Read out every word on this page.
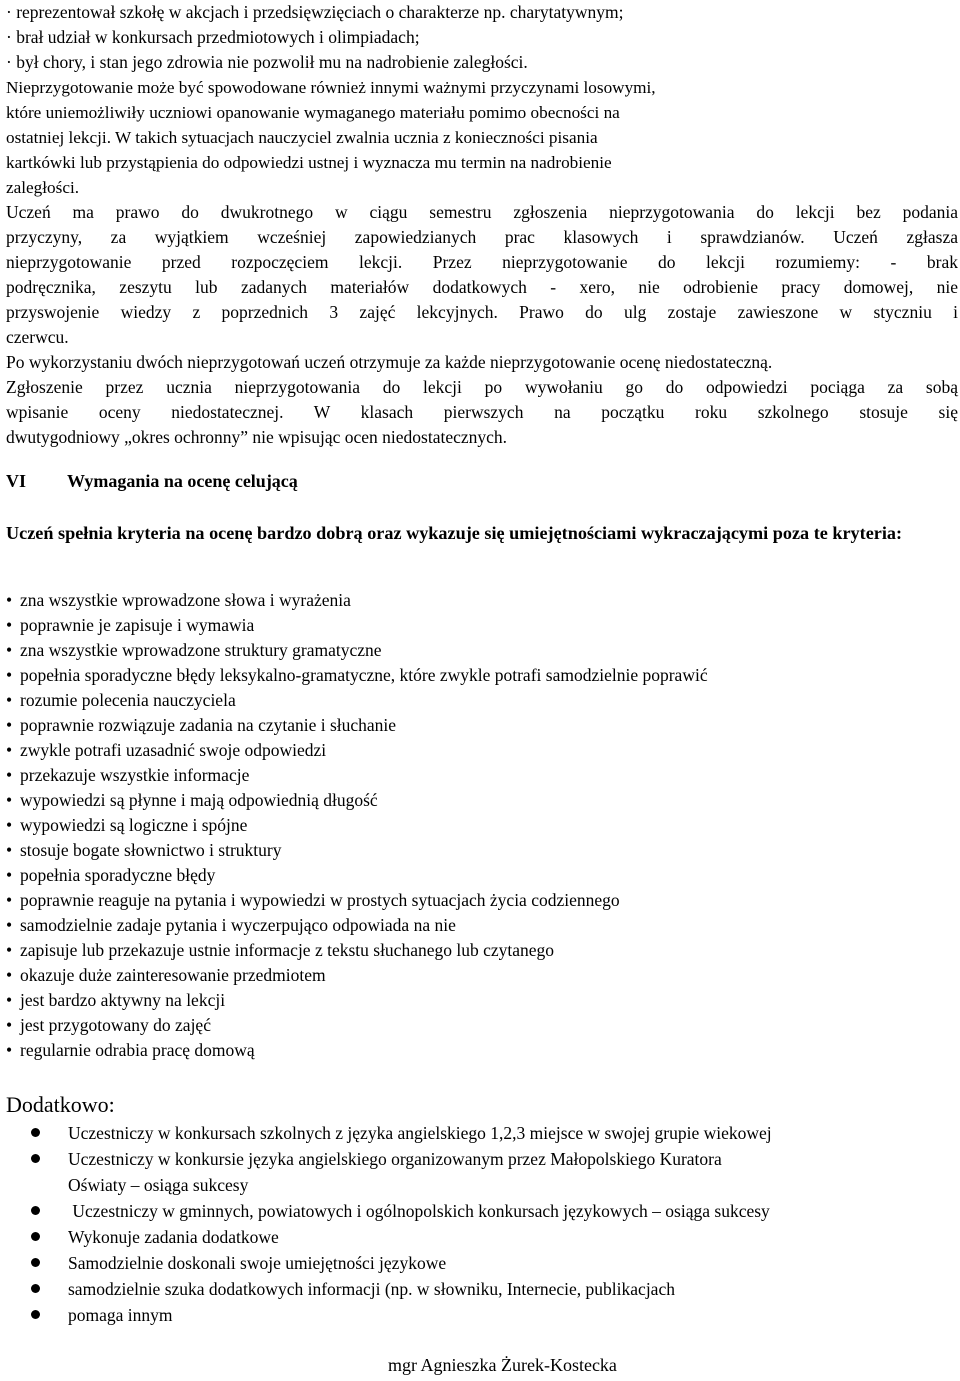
· reprezentował szkołę w akcjach i przedsięwzięciach o charakterze np. charytatywnym;
· brał udział w konkursach przedmiotowych i olimpiadach;
· był chory, i stan jego zdrowia nie pozwolił mu na nadrobienie zaległości.
Nieprzygotowanie może być spowodowane również innymi ważnymi przyczynami losowymi,
które uniemożliwiły uczniowi opanowanie wymaganego materiału pomimo obecności na
ostatniej lekcji. W takich sytuacjach nauczyciel zwalnia ucznia z konieczności pisania
kartkówki lub przystąpienia do odpowiedzi ustnej i wyznacza mu termin na nadrobienie
zaległości.
Uczeń ma prawo do dwukrotnego w ciągu semestru zgłoszenia nieprzygotowania do lekcji bez podania
przyczyny, za wyjątkiem wcześniej zapowiedzianych prac klasowych i sprawdzianów. Uczeń zgłasza
nieprzygotowanie przed rozpoczęciem lekcji. Przez nieprzygotowanie do lekcji rozumiemy: - brak
podręcznika, zeszytu lub zadanych materiałów dodatkowych - xero, nie odrobienie pracy domowej, nie
przyswojenie wiedzy z poprzednich 3 zajęć lekcyjnych. Prawo do ulg zostaje zawieszone w styczniu i
czerwcu.
Po wykorzystaniu dwóch nieprzygotowań uczeń otrzymuje za każde nieprzygotowanie ocenę niedostateczną.
Zgłoszenie przez ucznia nieprzygotowania do lekcji po wywołaniu go do odpowiedzi pociąga za sobą
wpisanie oceny niedostatecznej. W klasach pierwszych na początku roku szkolnego stosuje się
dwutygodniowy „okres ochronny” nie wpisując ocen niedostatecznych.
VI Wymagania na ocenę celującą
Uczeń spełnia kryteria na ocenę bardzo dobrą oraz wykazuje się umiejętnościami wykraczającymi poza te kryteria:
• zna wszystkie wprowadzone słowa i wyrażenia
• poprawnie je zapisuje i wymawia
• zna wszystkie wprowadzone struktury gramatyczne
• popełnia sporadyczne błędy leksykalno-gramatyczne, które zwykle potrafi samodzielnie poprawić
• rozumie polecenia nauczyciela
• poprawnie rozwiązuje zadania na czytanie i słuchanie
• zwykle potrafi uzasadnić swoje odpowiedzi
• przekazuje wszystkie informacje
• wypowiedzi są płynne i mają odpowiednią długość
• wypowiedzi są logiczne i spójne
• stosuje bogate słownictwo i struktury
• popełnia sporadyczne błędy
• poprawnie reaguje na pytania i wypowiedzi w prostych sytuacjach życia codziennego
• samodzielnie zadaje pytania i wyczerpująco odpowiada na nie
• zapisuje lub przekazuje ustnie informacje z tekstu słuchanego lub czytanego
• okazuje duże zainteresowanie przedmiotem
• jest bardzo aktywny na lekcji
• jest przygotowany do zajęć
• regularnie odrabia pracę domową
Dodatkowo:
Uczestniczy w konkursach szkolnych z języka angielskiego 1,2,3 miejsce w swojej grupie wiekowej
Uczestniczy w konkursie języka angielskiego organizowanym przez Małopolskiego Kuratora
Oświaty – osiąga sukcesy
Uczestniczy w gminnych, powiatowych i ogólnopolskich konkursach językowych – osiąga sukcesy
Wykonuje zadania dodatkowe
Samodzielnie doskonali swoje umiejętności językowe
samodzielnie szuka dodatkowych informacji (np. w słowniku, Internecie, publikacjach
pomaga innym
mgr Agnieszka Żurek-Kostecka
